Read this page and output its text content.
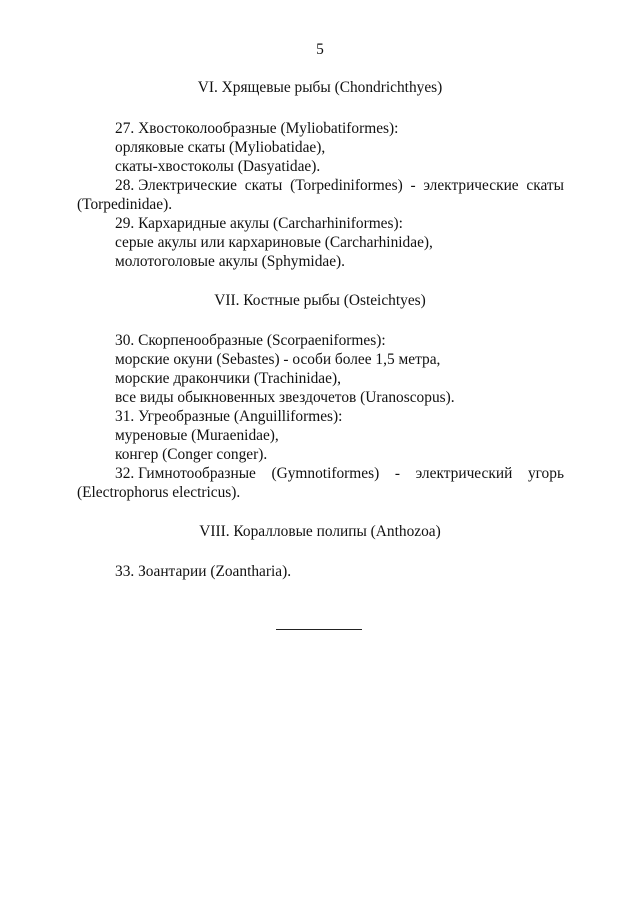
5
VI. Хрящевые рыбы (Chondrichthyes)
27. Хвостоколообразные (Myliobatiformes):
орляковые скаты (Myliobatidae),
скаты-хвостоколы (Dasyatidae).
28. Электрические скаты (Torpediniformes) - электрические скаты
(Torpedinidae).
29. Кархаридные акулы (Carcharhiniformes):
серые акулы или кархариновые (Carcharhinidae),
молотоголовые акулы (Sphymidae).
VII. Костные рыбы (Osteichtyes)
30. Скорпенообразные (Scorpaeniformes):
морские окуни (Sebastes) - особи более 1,5 метра,
морские дракончики (Trachinidae),
все виды обыкновенных звездочетов (Uranoscopus).
31. Угреобразные (Anguilliformes):
муреновые (Muraenidae),
конгер (Conger conger).
32. Гимнотообразные (Gymnotiformes) - электрический угорь
(Electrophorus electricus).
VIII. Коралловые полипы (Anthozoa)
33. Зоантарии (Zoantharia).
